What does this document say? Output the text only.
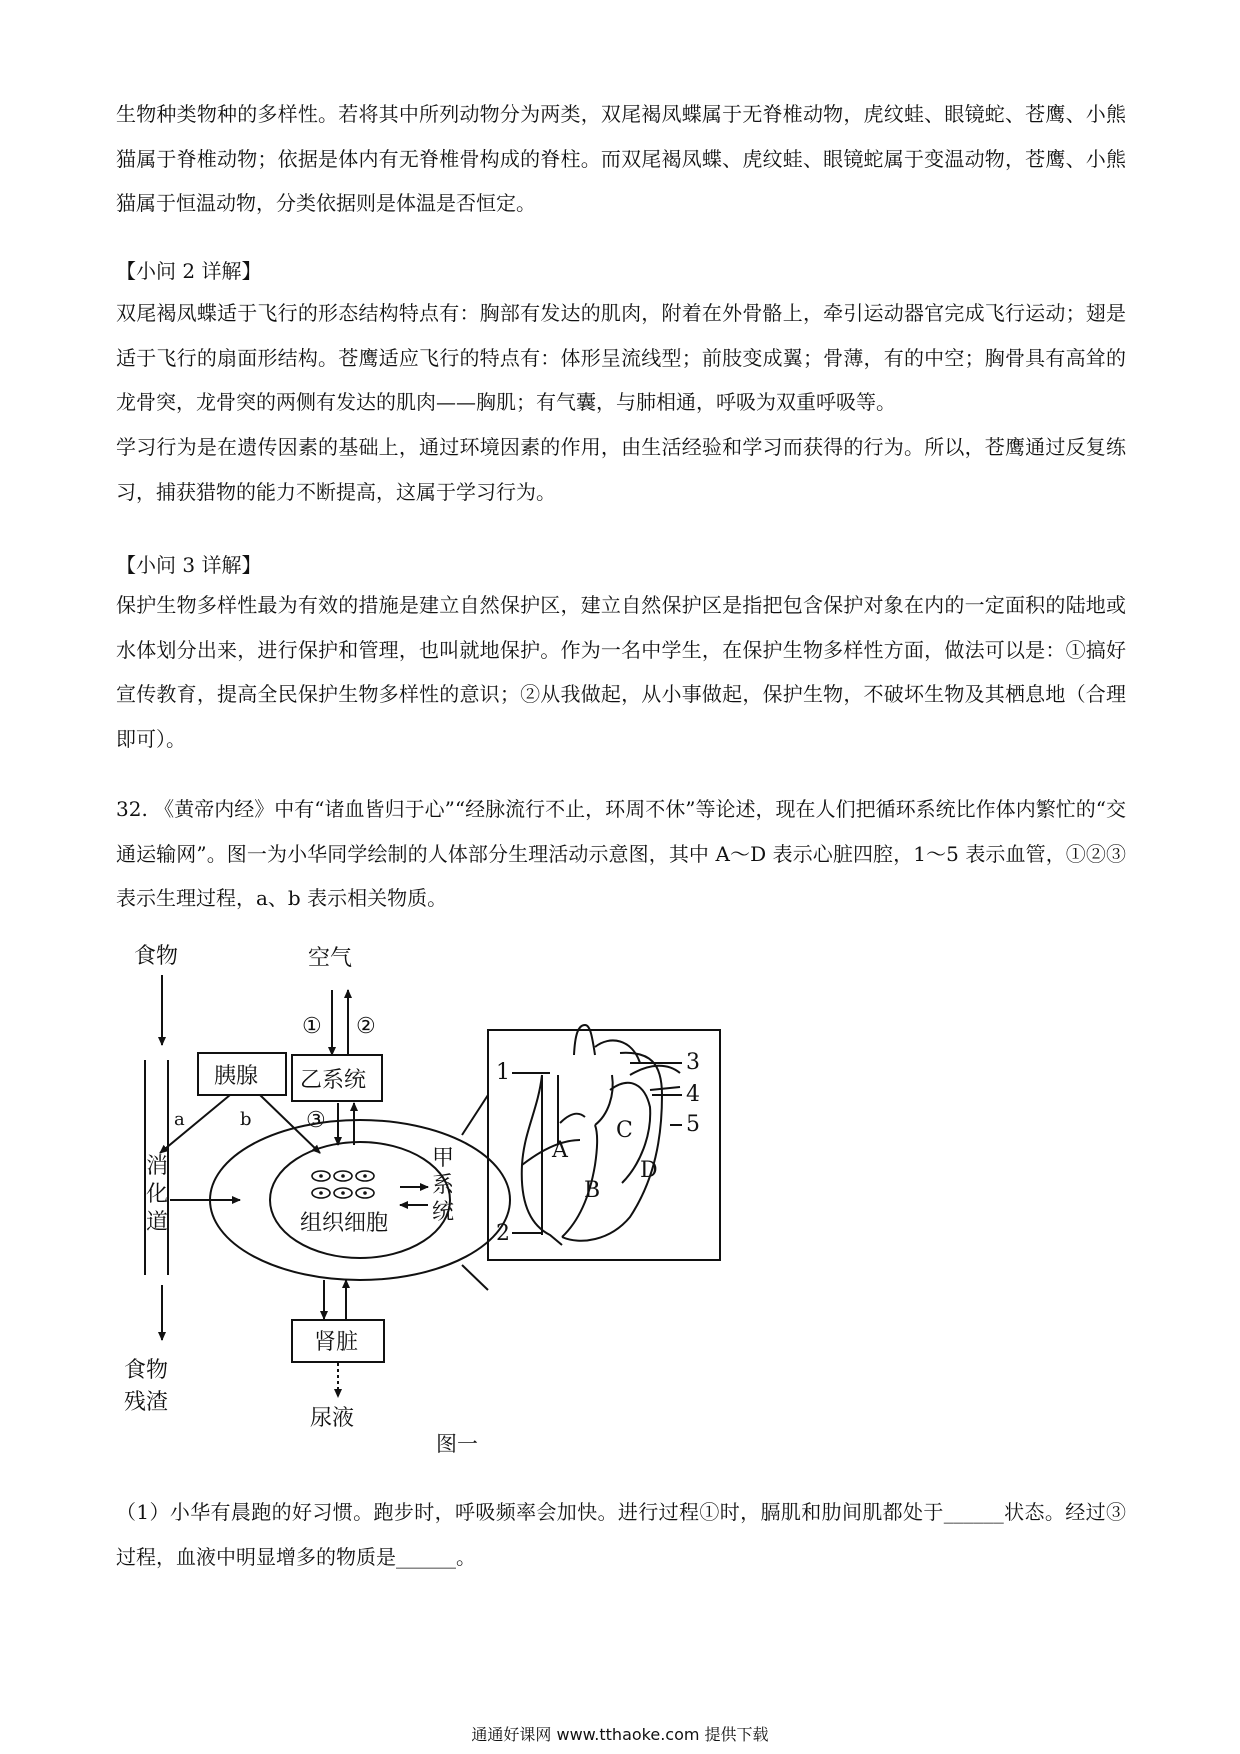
生物种类物种的多样性。若将其中所列动物分为两类，双尾褐凤蝶属于无脊椎动物，虎纹蛙、眼镜蛇、苍鹰、小熊猫属于脊椎动物；依据是体内有无脊椎骨构成的脊柱。而双尾褐凤蝶、虎纹蛙、眼镜蛇属于变温动物，苍鹰、小熊猫属于恒温动物，分类依据则是体温是否恒定。

【小问 2 详解】

双尾褐凤蝶适于飞行的形态结构特点有：胸部有发达的肌肉，附着在外骨骼上，牵引运动器官完成飞行运动；翅是适于飞行的扇面形结构。苍鹰适应飞行的特点有：体形呈流线型；前肢变成翼；骨薄，有的中空；胸骨具有高耸的龙骨突，龙骨突的两侧有发达的肌肉——胸肌；有气囊，与肺相通，呼吸为双重呼吸等。

学习行为是在遗传因素的基础上，通过环境因素的作用，由生活经验和学习而获得的行为。所以，苍鹰通过反复练习，捕获猎物的能力不断提高，这属于学习行为。

【小问 3 详解】

保护生物多样性最为有效的措施是建立自然保护区，建立自然保护区是指把包含保护对象在内的一定面积的陆地或水体划分出来，进行保护和管理，也叫就地保护。作为一名中学生，在保护生物多样性方面，做法可以是：①搞好宣传教育，提高全民保护生物多样性的意识；②从我做起，从小事做起，保护生物，不破坏生物及其栖息地（合理即可）。

32. 《黄帝内经》中有“诸血皆归于心”“经脉流行不止，环周不休”等论述，现在人们把循环系统比作体内繁忙的“交通运输网”。图一为小华同学绘制的人体部分生理活动示意图，其中 A～D 表示心脏四腔，1～5 表示血管，①②③表示生理过程，a、b 表示相关物质。

食物	空气
① ②
胰腺 乙系统
③
a	b
消
化
道	组织细胞
甲
系
统
肾脏
食物
残渣
尿液
1
2
3
4
5
A
B
C
D
图一

（1）小华有晨跑的好习惯。跑步时，呼吸频率会加快。进行过程①时，膈肌和肋间肌都处于______状态。经过③过程，血液中明显增多的物质是______。

通通好课网 www.tthaoke.com 提供下载
